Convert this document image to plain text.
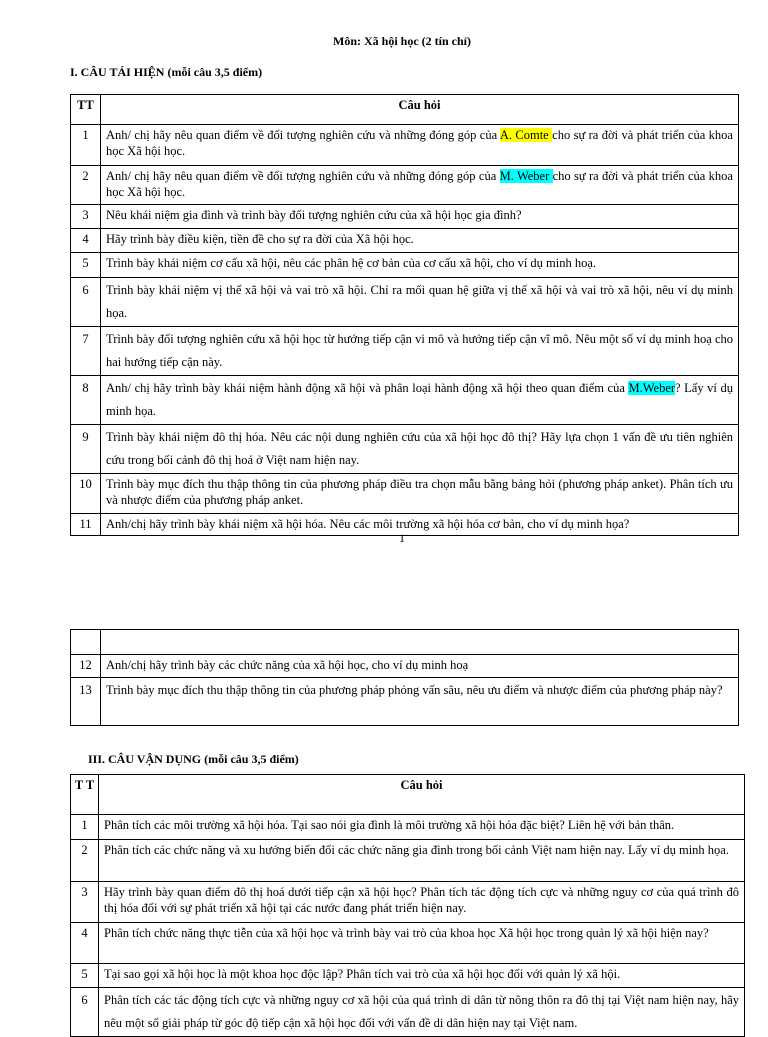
Môn: Xã hội học (2 tín chỉ)
I. CÂU TÁI HIỆN (mỗi câu 3,5 điểm)
TT	Câu hỏi
1	Anh/ chị hãy nêu quan điểm về đối tượng nghiên cứu và những đóng góp của A. Comte cho sự ra đời và phát triển của khoa học Xã hội học.
2	Anh/ chị hãy nêu quan điểm về đối tượng nghiên cứu và những đóng góp của M. Weber cho sự ra đời và phát triển của khoa học Xã hội học.
3	Nêu khái niệm gia đình và trình bày đối tượng nghiên cứu của xã hội học gia đình?
4	Hãy trình bày điều kiện, tiền đề cho sự ra đời của Xã hội học.
5	Trình bày khái niệm cơ cấu xã hội, nêu các phân hệ cơ bản của cơ cấu xã hội, cho ví dụ minh hoạ.
6	Trình bày khái niệm vị thế xã hội và vai trò xã hội. Chỉ ra mối quan hệ giữa vị thế xã hội và vai trò xã hội, nêu ví dụ minh họa.
7	Trình bày đối tượng nghiên cứu xã hội học từ hướng tiếp cận vi mô và hướng tiếp cận vĩ mô. Nêu một số ví dụ minh hoạ cho hai hướng tiếp cận này.
8	Anh/ chị hãy trình bày khái niệm hành động xã hội và phân loại hành động xã hội theo quan điểm của M.Weber? Lấy ví dụ minh họa.
9	Trình bày khái niệm đô thị hóa. Nêu các nội dung nghiên cứu của xã hội học đô thị? Hãy lựa chọn 1 vấn đề ưu tiên nghiên cứu trong bối cảnh đô thị hoá ở Việt nam hiện nay.
10	Trình bày mục đích thu thập thông tin của phương pháp điều tra chọn mẫu bằng bảng hỏi (phương pháp anket). Phân tích ưu và nhược điểm của phương pháp anket.
11	Anh/chị hãy trình bày khái niệm xã hội hóa. Nêu các môi trường xã hội hóa cơ bản, cho ví dụ minh họa?
1

12	Anh/chị hãy trình bày các chức năng của xã hội học, cho ví dụ minh hoạ
13	Trình bày mục đích thu thập thông tin của phương pháp phỏng vấn sâu, nêu ưu điểm và nhược điểm của phương pháp này?
III. CÂU VẬN DỤNG (mỗi câu 3,5 điểm)
T T	Câu hỏi
1	Phân tích các môi trường xã hội hóa. Tại sao nói gia đình là môi trường xã hội hóa đặc biệt? Liên hệ với bản thân.
2	Phân tích các chức năng và xu hướng biến đổi các chức năng gia đình trong bối cảnh Việt nam hiện nay. Lấy ví dụ minh họa.
3	Hãy trình bày quan điểm đô thị hoá dưới tiếp cận xã hội học? Phân tích tác động tích cực và những nguy cơ của quá trình đô thị hóa đối với sự phát triển xã hội tại các nước đang phát triển hiện nay.
4	Phân tích chức năng thực tiễn của xã hội học và trình bày vai trò của khoa học Xã hội học trong quản lý xã hội hiện nay?
5	Tại sao gọi xã hội học là một khoa học độc lập? Phân tích vai trò của xã hội học đối với quản lý xã hội.
6	Phân tích các tác động tích cực và những nguy cơ xã hội của quá trình di dân từ nông thôn ra đô thị tại Việt nam hiện nay, hãy nêu một số giải pháp từ góc độ tiếp cận xã hội học đối với vấn đề di dân hiện nay tại Việt nam.
